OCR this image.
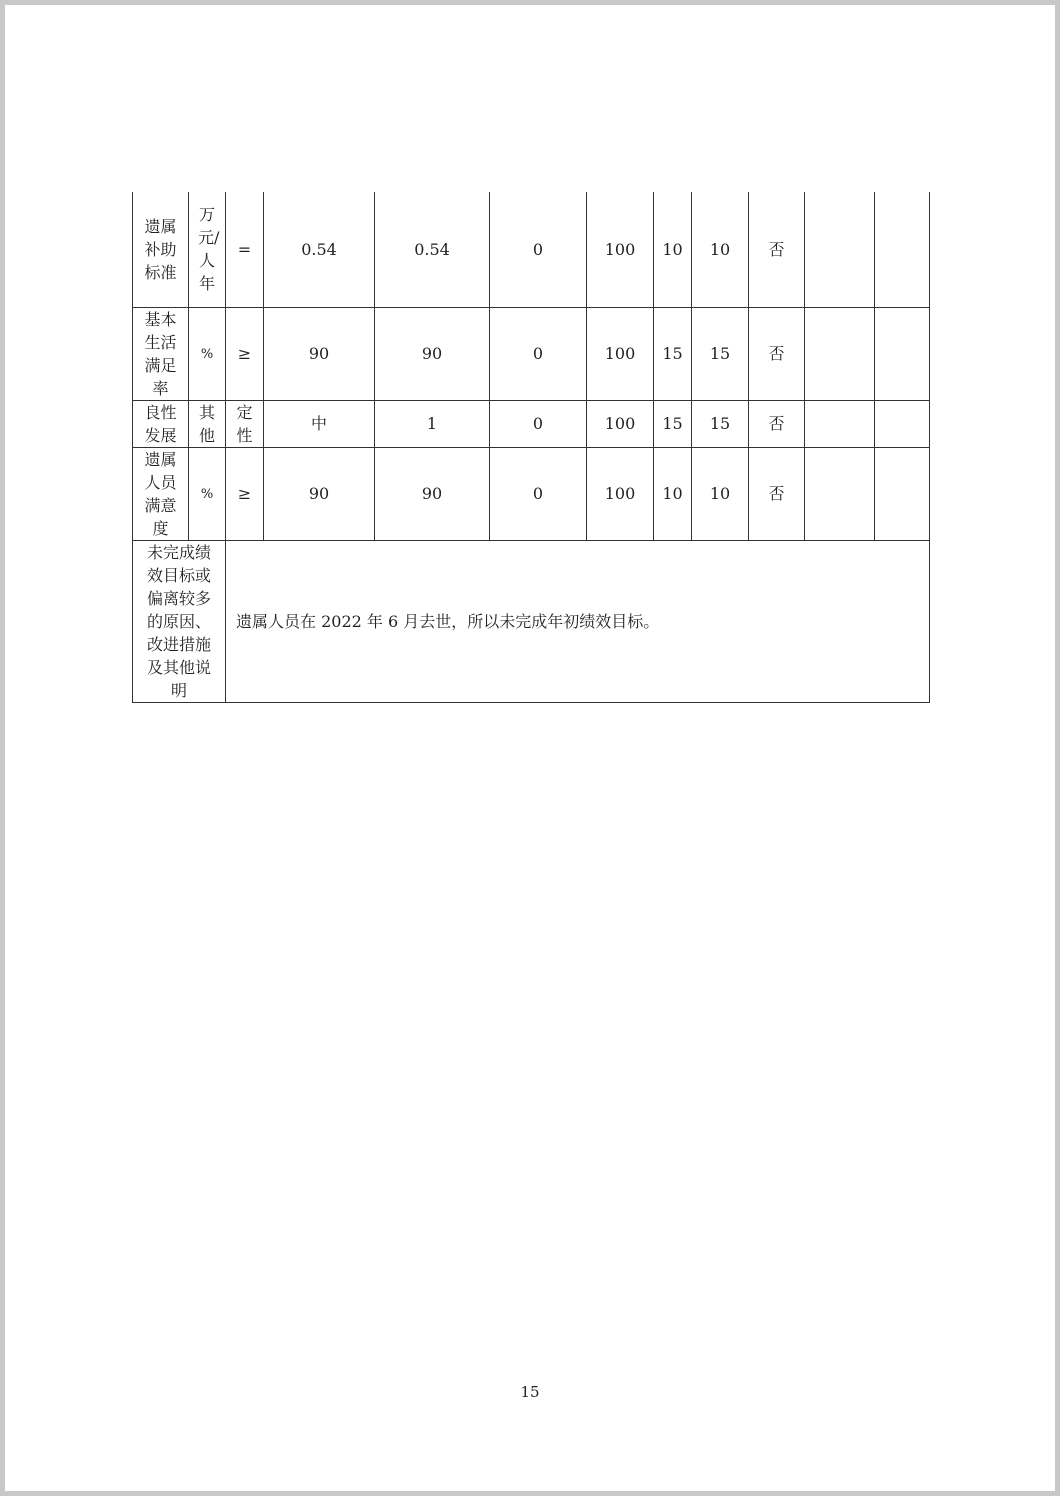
遗属补助标准	万元/人年	=	0.54	0.54	0	100	10	10	否		

基本生活满足率	%	≥	90	90	0	100	15	15	否		

良性发展	其他	定性	中	1	0	100	15	15	否		

遗属人员满意度	%	≥	90	90	0	100	10	10	否		

未完成绩效目标或偏离较多的原因、改进措施及其他说明		遗属人员在 2022 年 6 月去世，所以未完成年初绩效目标。									
15
